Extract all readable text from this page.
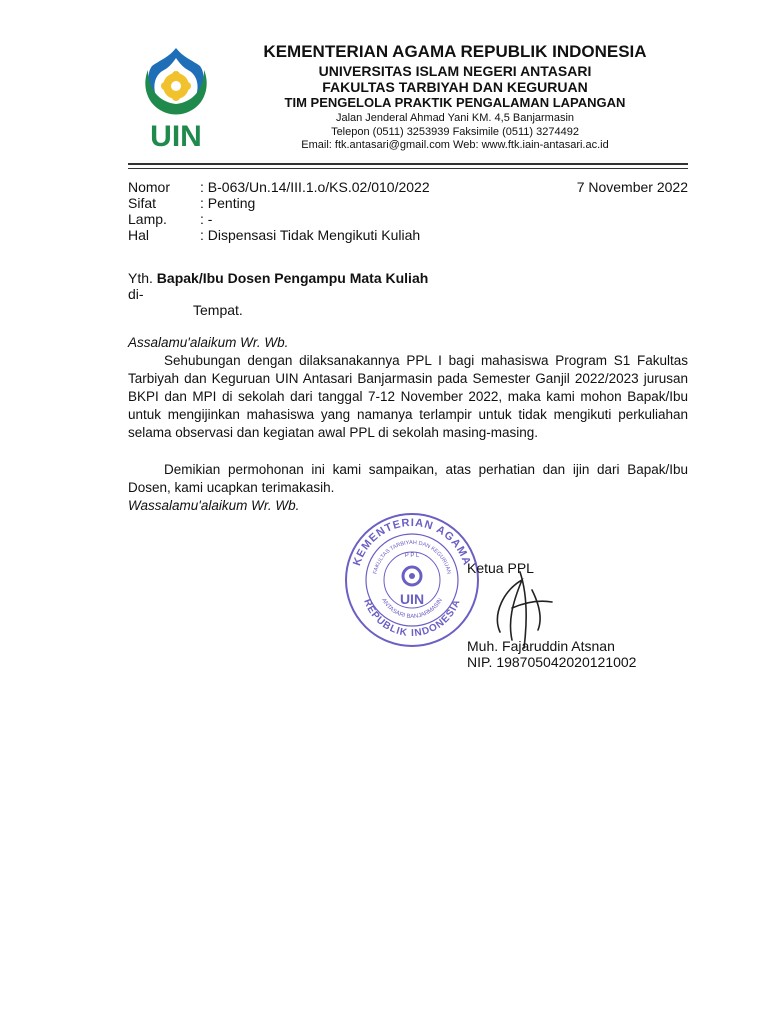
UIN
KEMENTERIAN AGAMA REPUBLIK INDONESIA
UNIVERSITAS ISLAM NEGERI ANTASARI
FAKULTAS TARBIYAH DAN KEGURUAN
TIM PENGELOLA PRAKTIK PENGALAMAN LAPANGAN
Jalan Jenderal Ahmad Yani KM. 4,5 Banjarmasin
Telepon (0511) 3253939 Faksimile (0511) 3274492
Email: ftk.antasari@gmail.com Web: www.ftk.iain-antasari.ac.id
Nomor	: B-063/Un.14/III.1.o/KS.02/010/2022	7 November 2022
Sifat	: Penting
Lamp.	: -
Hal	: Dispensasi Tidak Mengikuti Kuliah
Yth. Bapak/Ibu Dosen Pengampu Mata Kuliah
di-
Tempat.
Assalamu'alaikum Wr. Wb.
Sehubungan dengan dilaksanakannya PPL I bagi mahasiswa Program S1 Fakultas Tarbiyah dan Keguruan UIN Antasari Banjarmasin pada Semester Ganjil 2022/2023 jurusan BKPI dan MPI di sekolah dari tanggal 7-12 November 2022, maka kami mohon Bapak/Ibu untuk mengijinkan mahasiswa yang namanya terlampir untuk tidak mengikuti perkuliahan selama observasi dan kegiatan awal PPL di sekolah masing-masing.
Demikian permohonan ini kami sampaikan, atas perhatian dan ijin dari Bapak/Ibu Dosen, kami ucapkan terimakasih.
Wassalamu'alaikum Wr. Wb.
KEMENTERIAN AGAMA
REPUBLIK INDONESIA
FAKULTAS TARBIYAH DAN KEGURUAN
ANTASARI BANJARMASIN
P P L
UIN
Ketua PPL
Muh. Fajaruddin Atsnan
NIP. 198705042020121002
